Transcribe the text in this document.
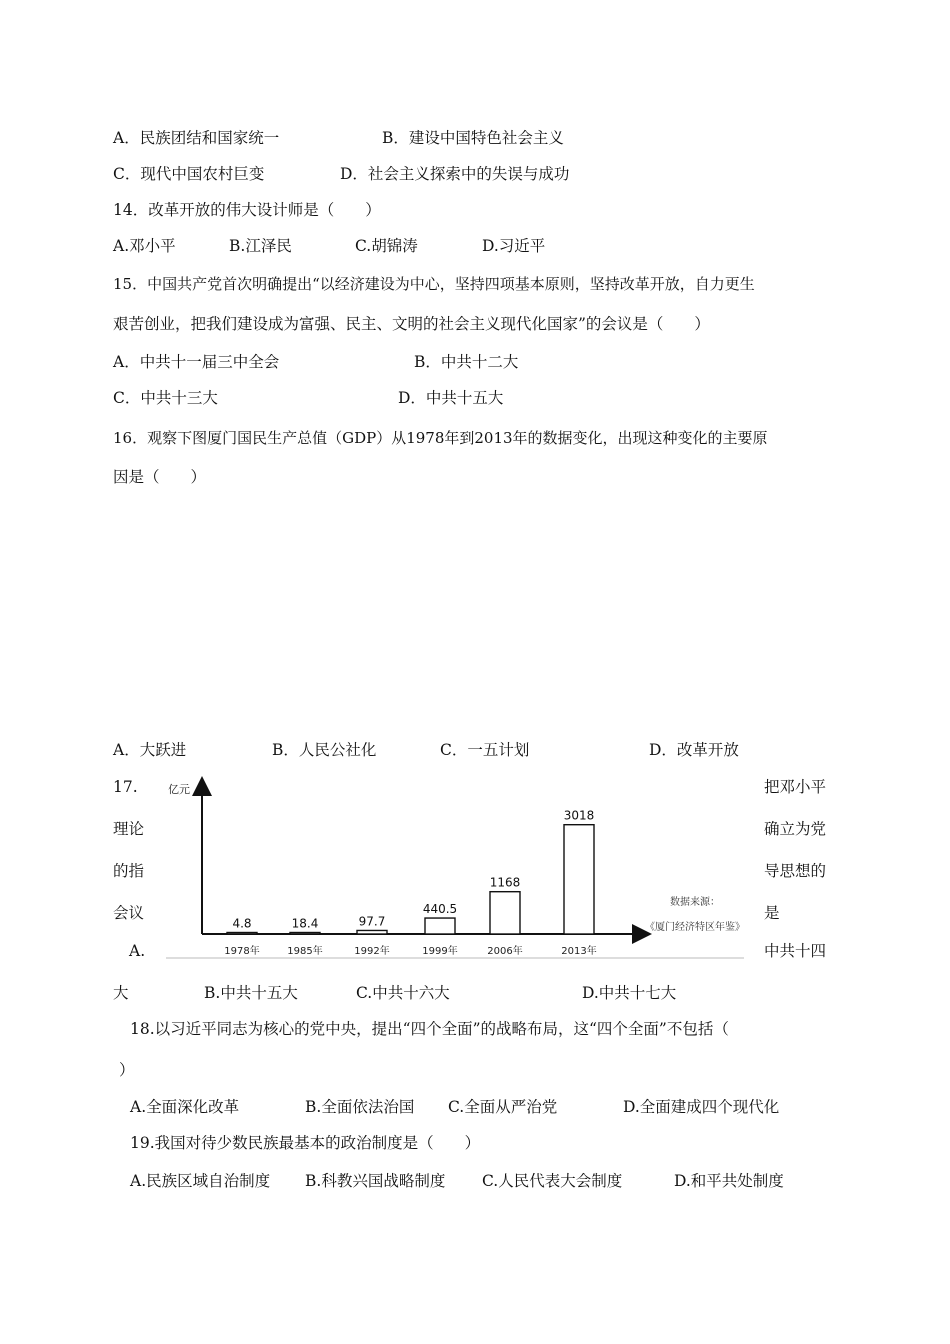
A．民族团结和国家统一	B．建设中国特色社会主义
C．现代中国农村巨变	D．社会主义探索中的失误与成功
14．改革开放的伟大设计师是（　　）
A.邓小平	B.江泽民	C.胡锦涛	D.习近平
15．中国共产党首次明确提出“以经济建设为中心，坚持四项基本原则，坚持改革开放，自力更生
艰苦创业，把我们建设成为富强、民主、文明的社会主义现代化国家”的会议是（　　）
A．中共十一届三中全会	B．中共十二大
C．中共十三大	D．中共十五大
16．观察下图厦门国民生产总值（GDP）从1978年到2013年的数据变化，出现这种变化的主要原
因是（　　）
A．大跃进	B．人民公社化	C．一五计划	D．改革开放
17.
理论
的指
会议
A.
大
把邓小平
确立为党
导思想的
是
中共十四
B.中共十五大	C.中共十六大	D.中共十七大
亿元
4.8
1978年
18.4
1985年
97.7
1992年
440.5
1999年
1168
2006年
3018
2013年
数据来源：
《厦门经济特区年鉴》
18.以习近平同志为核心的党中央，提出“四个全面”的战略布局，这“四个全面”不包括（
）
A.全面深化改革	B.全面依法治国 C.全面从严治党	D.全面建成四个现代化
19.我国对待少数民族最基本的政治制度是（　　）
A.民族区域自治制度 B.科教兴国战略制度 C.人民代表大会制度	D.和平共处制度
